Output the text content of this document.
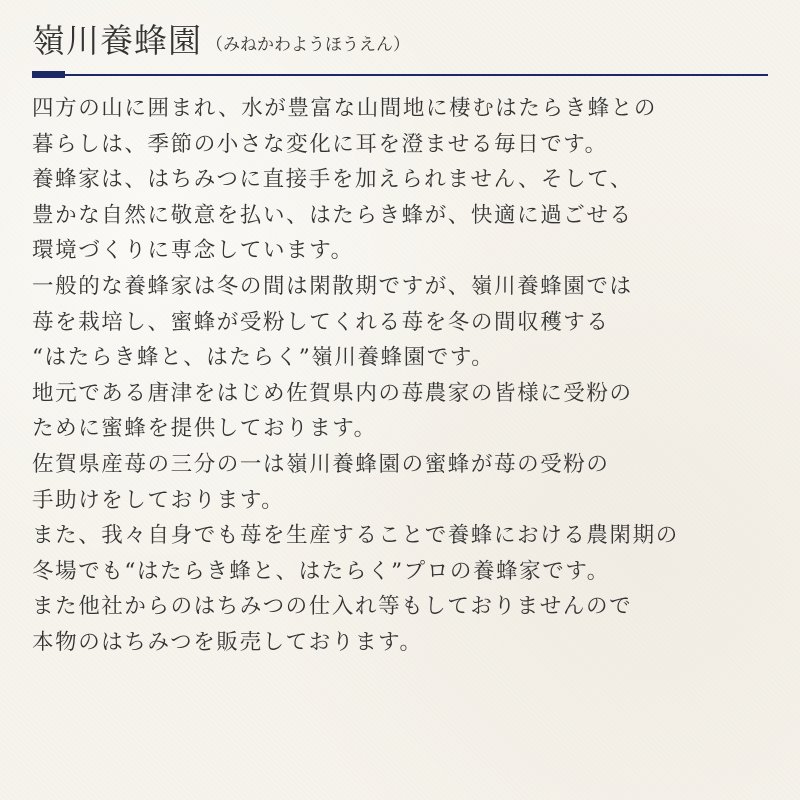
嶺川養蜂園 （みねかわようほうえん）
四方の山に囲まれ、水が豊富な山間地に棲むはたらき蜂との
暮らしは、季節の小さな変化に耳を澄ませる毎日です。
養蜂家は、はちみつに直接手を加えられません、そして、
豊かな自然に敬意を払い、はたらき蜂が、快適に過ごせる
環境づくりに専念しています。
一般的な養蜂家は冬の間は閑散期ですが、嶺川養蜂園では
苺を栽培し、蜜蜂が受粉してくれる苺を冬の間収穫する
“はたらき蜂と、はたらく”嶺川養蜂園です。
地元である唐津をはじめ佐賀県内の苺農家の皆様に受粉の
ために蜜蜂を提供しております。
佐賀県産苺の三分の一は嶺川養蜂園の蜜蜂が苺の受粉の
手助けをしております。
また、我々自身でも苺を生産することで養蜂における農閑期の
冬場でも“はたらき蜂と、はたらく”プロの養蜂家です。
また他社からのはちみつの仕入れ等もしておりませんので
本物のはちみつを販売しております。
